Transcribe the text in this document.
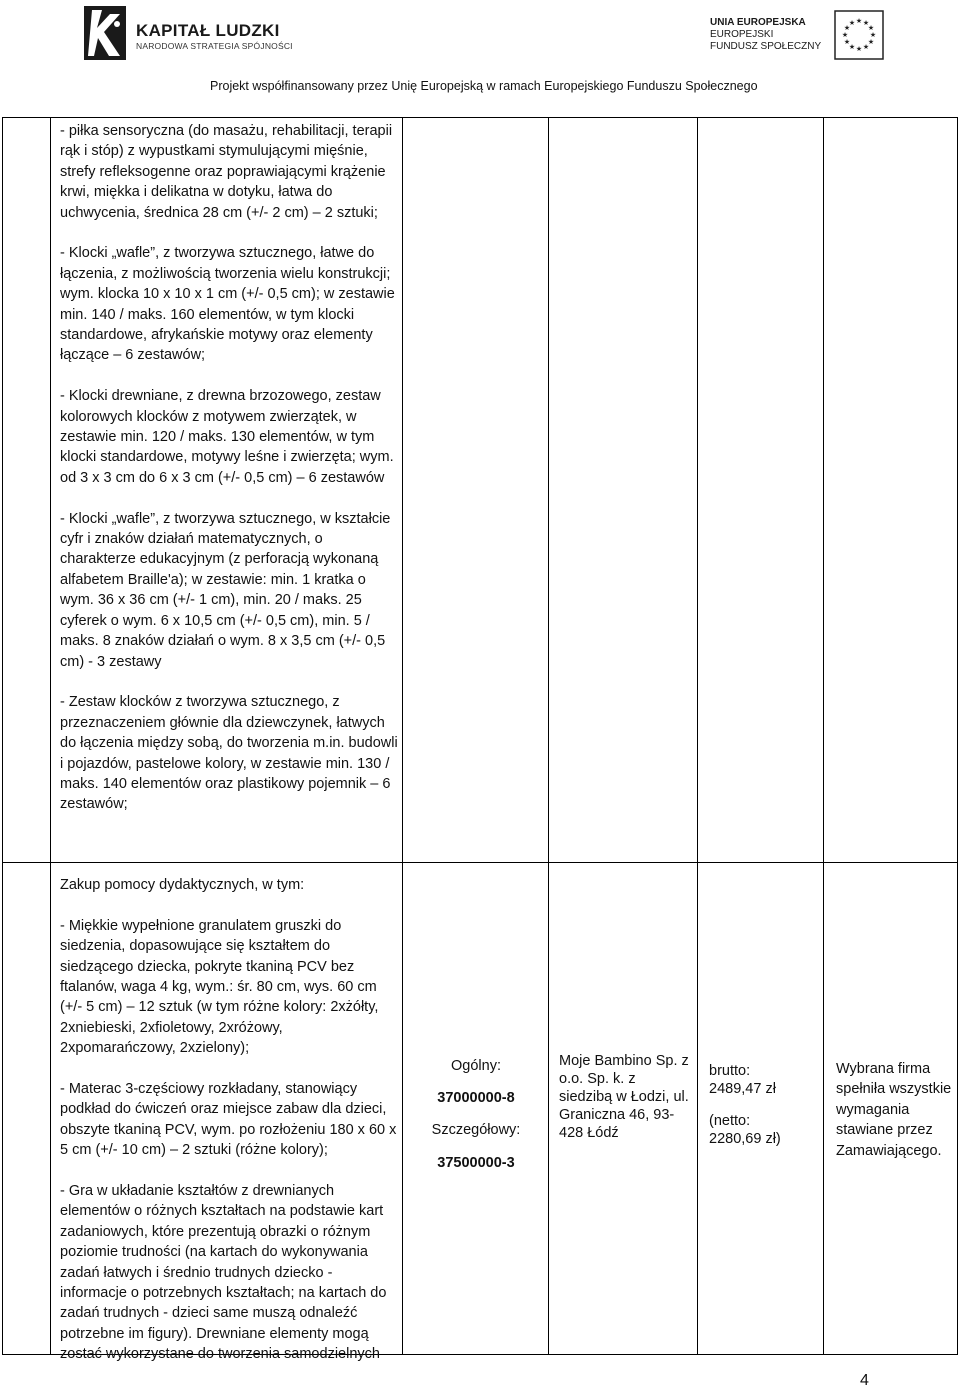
KAPITAŁ LUDZKI
NARODOWA STRATEGIA SPÓJNOŚCI
UNIA EUROPEJSKA
EUROPEJSKI
FUNDUSZ SPOŁECZNY
★ ★
★
★
★
★
★
★
★
★
★
★
Projekt współfinansowany przez Unię Europejską w ramach Europejskiego Funduszu Społecznego

- piłka sensoryczna (do masażu, rehabilitacji, terapii rąk i stóp) z wypustkami stymulującymi mięśnie, strefy refleksogenne oraz poprawiającymi krążenie krwi, miękka i delikatna w dotyku, łatwa do uchwycenia, średnica 28 cm (+/- 2 cm) – 2 sztuki;

- Klocki „wafle”, z tworzywa sztucznego, łatwe do łączenia, z możliwością tworzenia wielu konstrukcji; wym. klocka 10 x 10 x 1 cm (+/- 0,5 cm); w zestawie min. 140 / maks. 160 elementów, w tym klocki standardowe, afrykańskie motywy oraz elementy łączące – 6 zestawów;

- Klocki drewniane, z drewna brzozowego, zestaw kolorowych klocków z motywem zwierzątek, w zestawie min. 120 / maks. 130 elementów, w tym klocki standardowe, motywy leśne i zwierzęta; wym. od 3 x 3 cm do 6 x 3 cm (+/- 0,5 cm) – 6 zestawów

- Klocki „wafle”, z tworzywa sztucznego, w kształcie cyfr i znaków działań matematycznych, o charakterze edukacyjnym (z perforacją wykonaną alfabetem Braille'a); w zestawie: min. 1 kratka o wym. 36 x 36 cm (+/- 1 cm), min. 20 / maks. 25 cyferek o wym. 6 x 10,5 cm (+/- 0,5 cm), min. 5 / maks. 8 znaków działań o wym. 8 x 3,5 cm (+/- 0,5 cm) - 3 zestawy

- Zestaw klocków z tworzywa sztucznego, z przeznaczeniem głównie dla dziewczynek, łatwych do łączenia między sobą, do tworzenia m.in. budowli i pojazdów, pastelowe kolory, w zestawie min. 130 / maks. 140 elementów oraz plastikowy pojemnik – 6 zestawów;

Zakup pomocy dydaktycznych, w tym:

- Miękkie wypełnione granulatem gruszki do siedzenia, dopasowujące się kształtem do siedzącego dziecka, pokryte tkaniną PCV bez ftalanów, waga 4 kg, wym.: śr. 80 cm, wys. 60 cm (+/- 5 cm) – 12 sztuk (w tym różne kolory: 2xżółty, 2xniebieski, 2xfioletowy, 2xróżowy, 2xpomarańczowy, 2xzielony);

- Materac 3-częściowy rozkładany, stanowiący podkład do ćwiczeń oraz miejsce zabaw dla dzieci, obszyte tkaniną PCV, wym. po rozłożeniu 180 x 60 x 5 cm (+/- 10 cm) – 2 sztuki (różne kolory);

- Gra w układanie kształtów z drewnianych elementów o różnych kształtach na podstawie kart zadaniowych, które prezentują obrazki o różnym poziomie trudności (na kartach do wykonywania zadań łatwych i średnio trudnych dziecko - informacje o potrzebnych kształtach; na kartach do zadań trudnych - dzieci same muszą odnaleźć potrzebne im figury). Drewniane elementy mogą zostać wykorzystane do tworzenia samodzielnych

Ogólny:
37000000-8
Szczegółowy:
37500000-3
Moje Bambino Sp. z o.o. Sp. k. z siedzibą w Łodzi, ul. Graniczna 46, 93-428 Łódź
brutto:
2489,47 zł
(netto:
2280,69 zł)
Wybrana firma spełniła wszystkie wymagania stawiane przez Zamawiającego.
4
